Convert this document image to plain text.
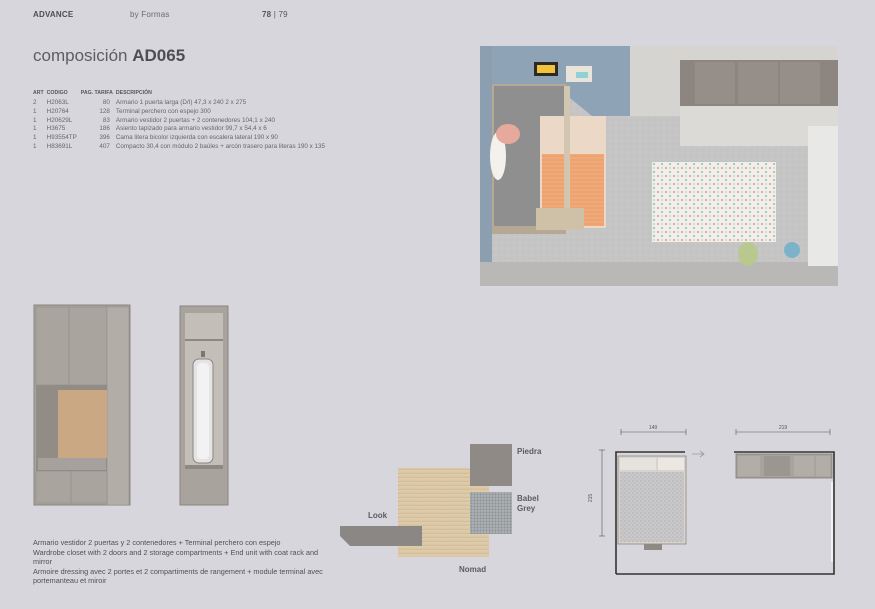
ADVANCE	by Formas	78 | 79
composición AD065
ART	CODIGO	PAG. TARIFA	DESCRIPCIÓN
2	H2063L	80	Armario 1 puerta larga (D/I) 47,3 x 240 2 x 275
1	H20764	128	Terminal perchero con espejo 300
1	H20629L	83	Armario vestidor 2 puertas + 2 contenedores 104,1 x 240
1	H3675	186	Asiento tapizado para armario vestidor 99,7 x 54,4 x 6
1	H93554TP	396	Cama litera bicolor izquierda con escalera lateral 190 x 90
1	H83691L	407	Compacto 30,4 con módulo 2 baúles + arcón trasero para literas 190 x 135
Armario vestidor 2 puertas y 2 contenedores + Terminal perchero con espejo
Wardrobe closet with 2 doors and 2 storage compartments + End unit with coat rack and mirror
Armoire dressing avec 2 portes et 2 compartiments de rangement + module terminal avec portemanteau et miroir
Piedra
Babel
Grey
Look
Nomad
149	219
215
